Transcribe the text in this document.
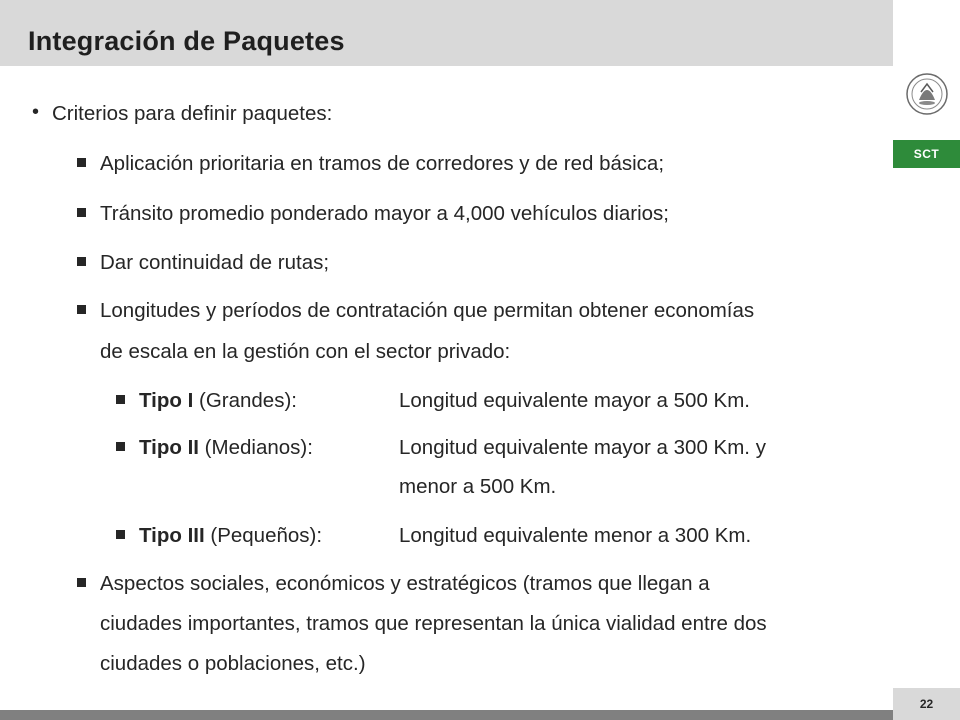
Integración de Paquetes
SCT
• Criterios para definir paquetes:
Aplicación prioritaria en tramos de corredores y de red básica;
Tránsito promedio ponderado mayor a 4,000 vehículos diarios;
Dar continuidad de rutas;
Longitudes y períodos de contratación que permitan obtener economías
de escala en la gestión con el sector privado:
Tipo I (Grandes):	Longitud equivalente mayor a 500 Km.
Tipo II (Medianos):	Longitud equivalente mayor a 300 Km. y
menor a 500 Km.
Tipo III (Pequeños):	Longitud equivalente menor a 300 Km.
Aspectos sociales, económicos y estratégicos (tramos que llegan a
ciudades importantes, tramos que representan la única vialidad entre dos
ciudades o poblaciones, etc.)
22
